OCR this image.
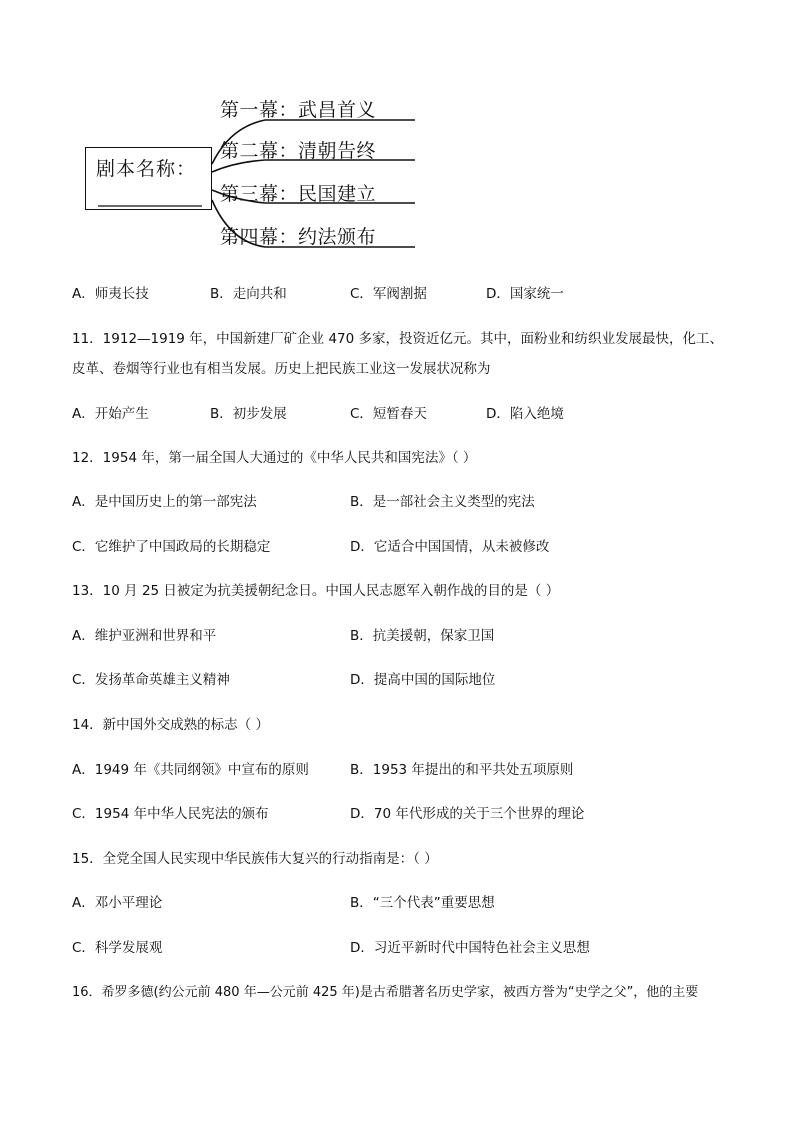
剧本名称：
第一幕：武昌首义
第二幕：清朝告终
第三幕：民国建立
第四幕：约法颁布
A．师夷长技	B．走向共和	C．军阀割据	D．国家统一
11．1912—1919 年，中国新建厂矿企业 470 多家，投资近亿元。其中，面粉业和纺织业发展最快，化工、
皮革、卷烟等行业也有相当发展。历史上把民族工业这一发展状况称为
A．开始产生	B．初步发展	C．短暂春天	D．陷入绝境
12．1954 年，第一届全国人大通过的《中华人民共和国宪法》（ ）
A．是中国历史上的第一部宪法	B．是一部社会主义类型的宪法
C．它维护了中国政局的长期稳定	D．它适合中国国情，从未被修改
13．10 月 25 日被定为抗美援朝纪念日。中国人民志愿军入朝作战的目的是（ ）
A．维护亚洲和世界和平	B．抗美援朝，保家卫国
C．发扬革命英雄主义精神	D．提高中国的国际地位
14．新中国外交成熟的标志（ ）
A．1949 年《共同纲领》中宣布的原则	B．1953 年提出的和平共处五项原则
C．1954 年中华人民宪法的颁布	D．70 年代形成的关于三个世界的理论
15．全党全国人民实现中华民族伟大复兴的行动指南是：（ ）
A．邓小平理论	B．“三个代表”重要思想
C．科学发展观	D．习近平新时代中国特色社会主义思想
16．希罗多德(约公元前 480 年—公元前 425 年)是古希腊著名历史学家，被西方誉为“史学之父”，他的主要
